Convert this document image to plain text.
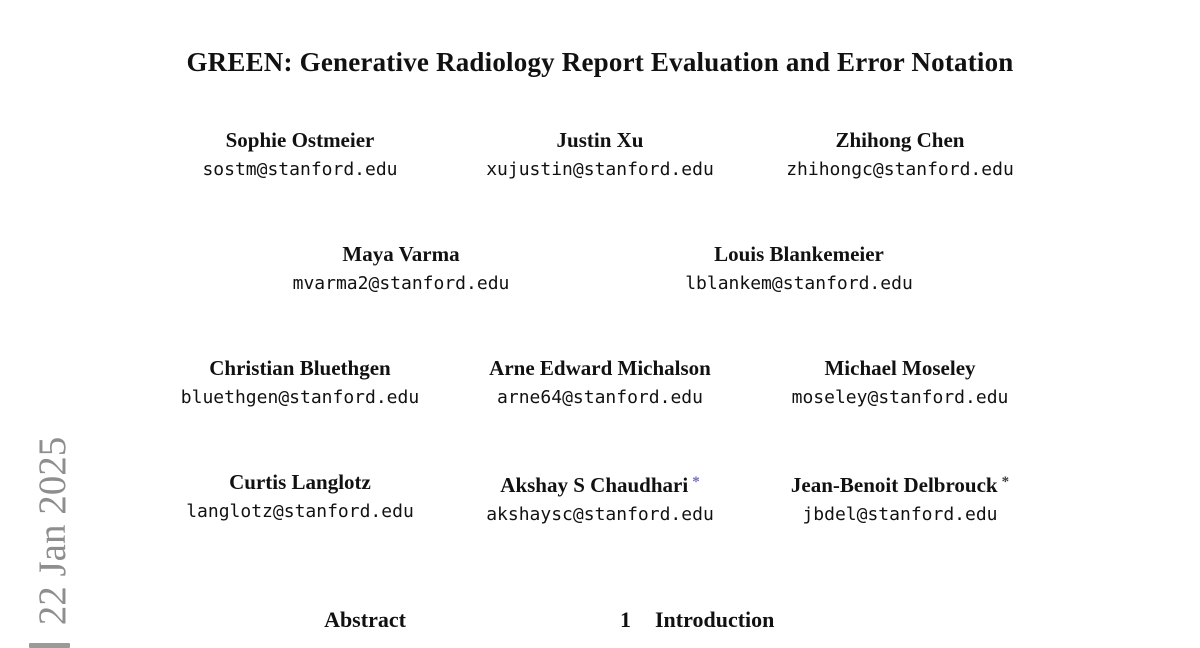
22 Jan 2025
GREEN: Generative Radiology Report Evaluation and Error Notation
Sophie Ostmeier
sostm@stanford.edu
Justin Xu
xujustin@stanford.edu
Zhihong Chen
zhihongc@stanford.edu
Maya Varma
mvarma2@stanford.edu
Louis Blankemeier
lblankem@stanford.edu
Christian Bluethgen
bluethgen@stanford.edu
Arne Edward Michalson
arne64@stanford.edu
Michael Moseley
moseley@stanford.edu
Curtis Langlotz
langlotz@stanford.edu
Akshay S Chaudhari *
akshaysc@stanford.edu
Jean-Benoit Delbrouck *
jbdel@stanford.edu
Abstract	1 Introduction
